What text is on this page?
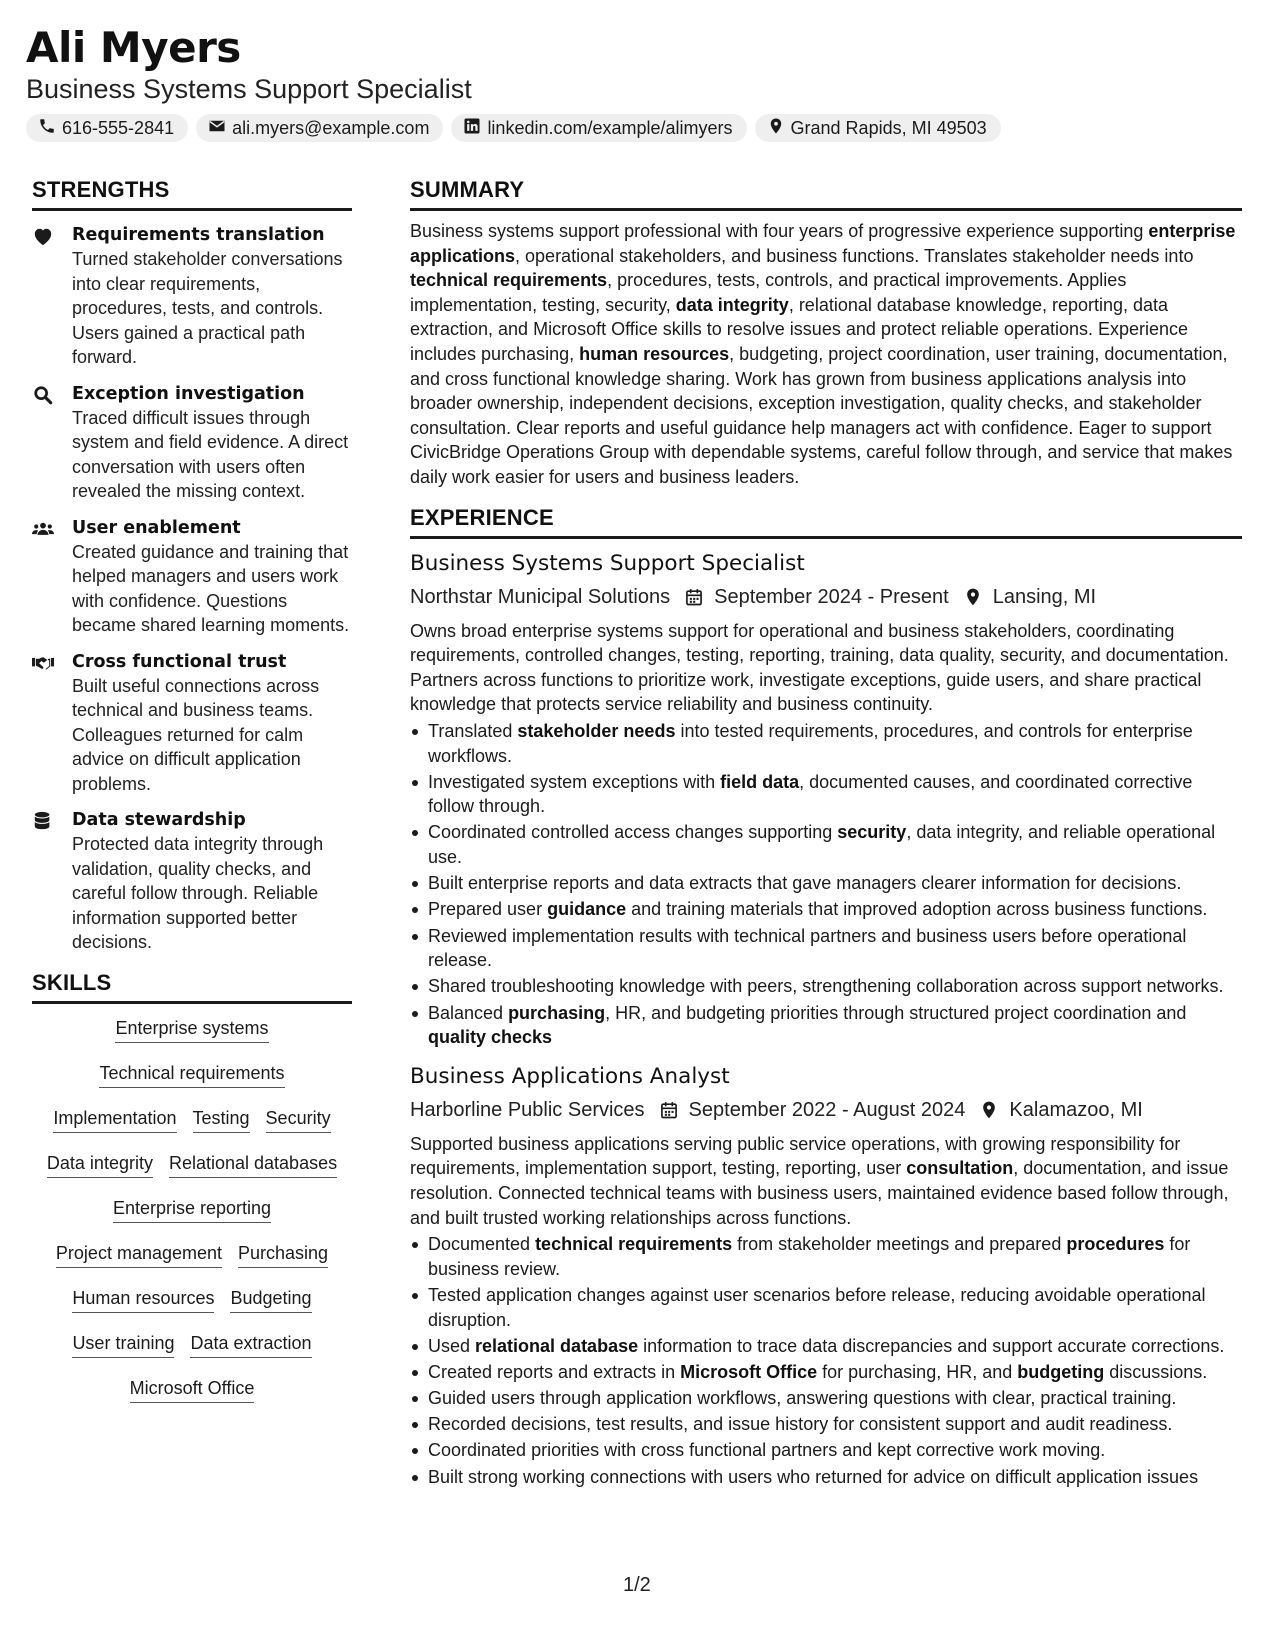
Ali Myers
Business Systems Support Specialist
616-555-2841	ali.myers@example.com	linkedin.com/example/alimyers	Grand Rapids, MI 49503
STRENGTHS
Requirements translation
Turned stakeholder conversations into clear requirements, procedures, tests, and controls. Users gained a practical path forward.
Exception investigation
Traced difficult issues through system and field evidence. A direct conversation with users often revealed the missing context.
User enablement
Created guidance and training that helped managers and users work with confidence. Questions became shared learning moments.
Cross functional trust
Built useful connections across technical and business teams. Colleagues returned for calm advice on difficult application problems.
Data stewardship
Protected data integrity through validation, quality checks, and careful follow through. Reliable information supported better decisions.
SKILLS
Enterprise systems
Technical requirements
Implementation Testing Security
Data integrity Relational databases
Enterprise reporting
Project management Purchasing
Human resources Budgeting
User training Data extraction
Microsoft Office
SUMMARY

Business systems support professional with four years of progressive experience supporting enterprise applications, operational stakeholders, and business functions. Translates stakeholder needs into technical requirements, procedures, tests, controls, and practical improvements. Applies implementation, testing, security, data integrity, relational database knowledge, reporting, data extraction, and Microsoft Office skills to resolve issues and protect reliable operations. Experience includes purchasing, human resources, budgeting, project coordination, user training, documentation, and cross functional knowledge sharing. Work has grown from business applications analysis into broader ownership, independent decisions, exception investigation, quality checks, and stakeholder consultation. Clear reports and useful guidance help managers act with confidence. Eager to support CivicBridge Operations Group with dependable systems, careful follow through, and service that makes daily work easier for users and business leaders.

EXPERIENCE
Business Systems Support Specialist
Northstar Municipal Solutions September 2024 - Present Lansing, MI

Owns broad enterprise systems support for operational and business stakeholders, coordinating requirements, controlled changes, testing, reporting, training, data quality, security, and documentation. Partners across functions to prioritize work, investigate exceptions, guide users, and share practical knowledge that protects service reliability and business continuity.

Translated stakeholder needs into tested requirements, procedures, and controls for enterprise workflows.
Investigated system exceptions with field data, documented causes, and coordinated corrective follow through.
Coordinated controlled access changes supporting security, data integrity, and reliable operational use.
Built enterprise reports and data extracts that gave managers clearer information for decisions.
Prepared user guidance and training materials that improved adoption across business functions.
Reviewed implementation results with technical partners and business users before operational release.
Shared troubleshooting knowledge with peers, strengthening collaboration across support networks.
Balanced purchasing, HR, and budgeting priorities through structured project coordination and quality checks
Business Applications Analyst
Harborline Public Services September 2022 - August 2024 Kalamazoo, MI

Supported business applications serving public service operations, with growing responsibility for requirements, implementation support, testing, reporting, user consultation, documentation, and issue resolution. Connected technical teams with business users, maintained evidence based follow through, and built trusted working relationships across functions.

Documented technical requirements from stakeholder meetings and prepared procedures for business review.
Tested application changes against user scenarios before release, reducing avoidable operational disruption.
Used relational database information to trace data discrepancies and support accurate corrections.
Created reports and extracts in Microsoft Office for purchasing, HR, and budgeting discussions.
Guided users through application workflows, answering questions with clear, practical training.
Recorded decisions, test results, and issue history for consistent support and audit readiness.
Coordinated priorities with cross functional partners and kept corrective work moving.
Built strong working connections with users who returned for advice on difficult application issues
1/2
